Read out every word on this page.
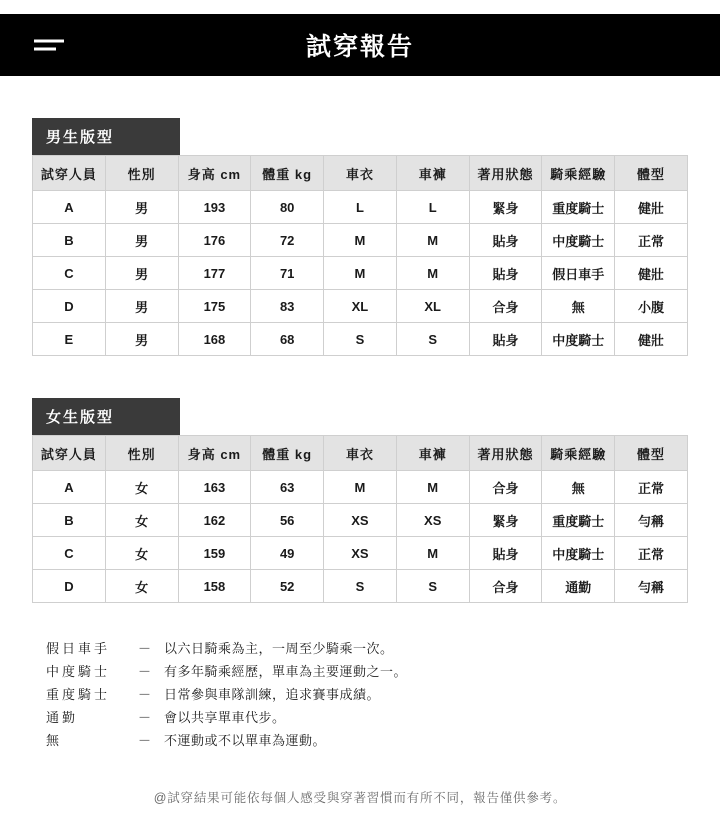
試穿報告
男生版型
試穿人員	性別	身高 cm	體重 kg	車衣	車褲	著用狀態	騎乘經驗	體型
A	男	193	80	L	L	緊身	重度騎士	健壯
B	男	176	72	M	M	貼身	中度騎士	正常
C	男	177	71	M	M	貼身	假日車手	健壯
D	男	175	83	XL	XL	合身	無	小腹
E	男	168	68	S	S	貼身	中度騎士	健壯
女生版型
試穿人員	性別	身高 cm	體重 kg	車衣	車褲	著用狀態	騎乘經驗	體型
A	女	163	63	M	M	合身	無	正常
B	女	162	56	XS	XS	緊身	重度騎士	勻稱
C	女	159	49	XS	M	貼身	中度騎士	正常
D	女	158	52	S	S	合身	通勤	勻稱
假日車手	－ 以六日騎乘為主，一周至少騎乘一次。
中度騎士	－ 有多年騎乘經歷，單車為主要運動之一。
重度騎士	－ 日常參與車隊訓練，追求賽事成績。
通勤	－ 會以共享單車代步。
無	－ 不運動或不以單車為運動。
@試穿結果可能依每個人感受與穿著習慣而有所不同，報告僅供參考。
